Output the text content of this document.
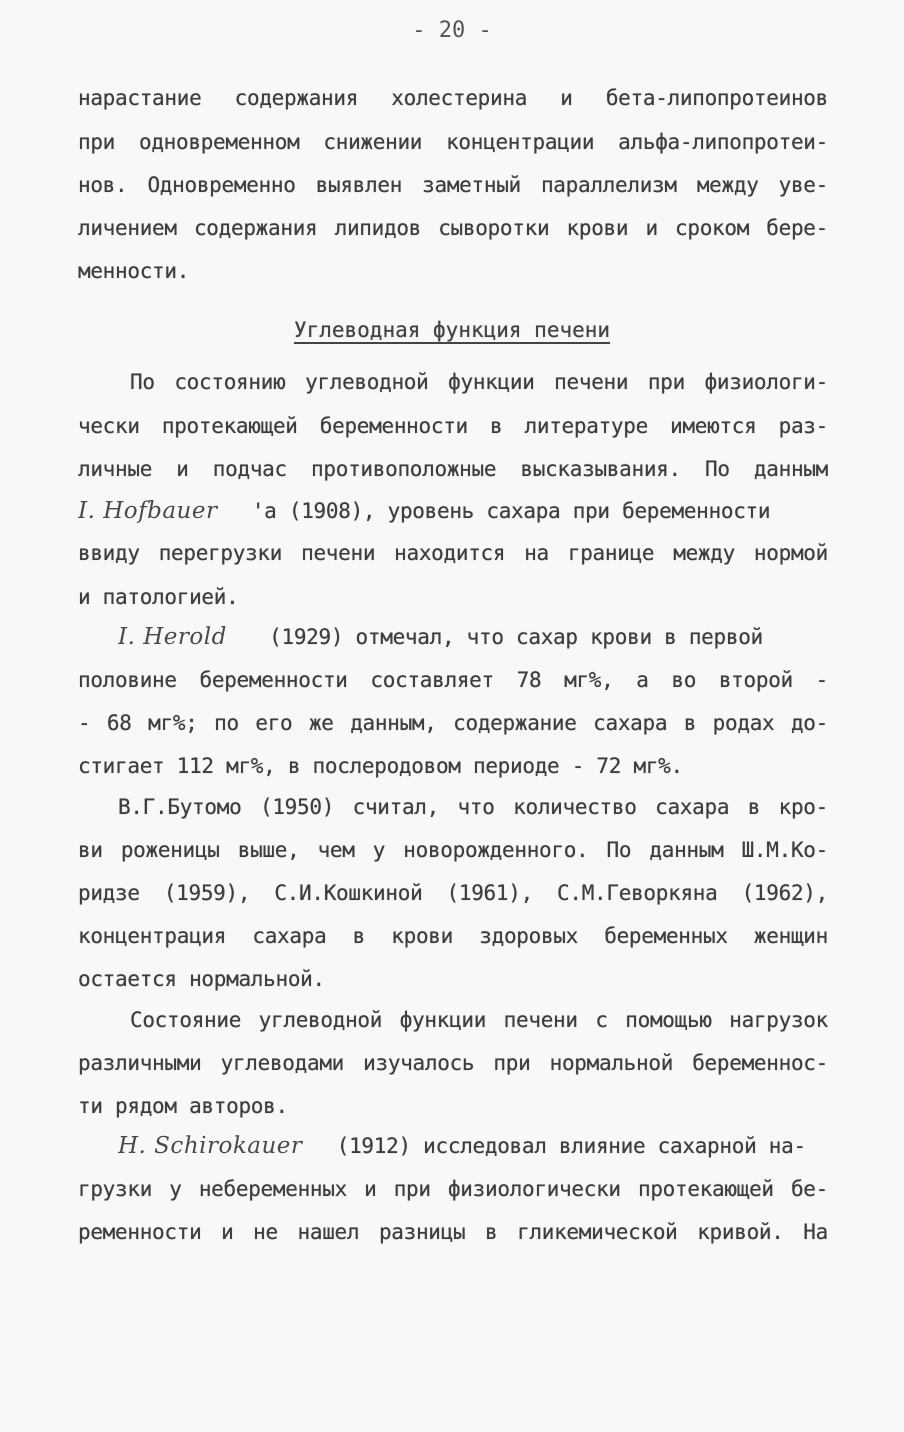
- 20 -
нарастание содержания холестерина и бета-липопротеинов
при одновременном снижении концентрации альфа-липопротеи-
нов. Одновременно выявлен заметный параллелизм между уве-
личением содержания липидов сыворотки крови и сроком бере-
менности.
Углеводная функция печени
По состоянию углеводной функции печени при физиологи-
чески протекающей беременности в литературе имеются раз-
личные и подчас противоположные высказывания. По данным
I. Hofbauer 'а (1908), уровень сахара при беременности
ввиду перегрузки печени находится на границе между нормой
и патологией.
I. Herold (1929) отмечал, что сахар крови в первой
половине беременности составляет 78 мг%, а во второй -
- 68 мг%; по его же данным, содержание сахара в родах до-
стигает 112 мг%, в послеродовом периоде - 72 мг%.
В.Г.Бутомо (1950) считал, что количество сахара в кро-
ви роженицы выше, чем у новорожденного. По данным Ш.М.Ко-
ридзе (1959), С.И.Кошкиной (1961), С.М.Геворкяна (1962),
концентрация сахара в крови здоровых беременных женщин
остается нормальной.
Состояние углеводной функции печени с помощью нагрузок
различными углеводами изучалось при нормальной беременнос-
ти рядом авторов.
H. Schirokauer (1912) исследовал влияние сахарной на-
грузки у небеременных и при физиологически протекающей бе-
ременности и не нашел разницы в гликемической кривой. На
